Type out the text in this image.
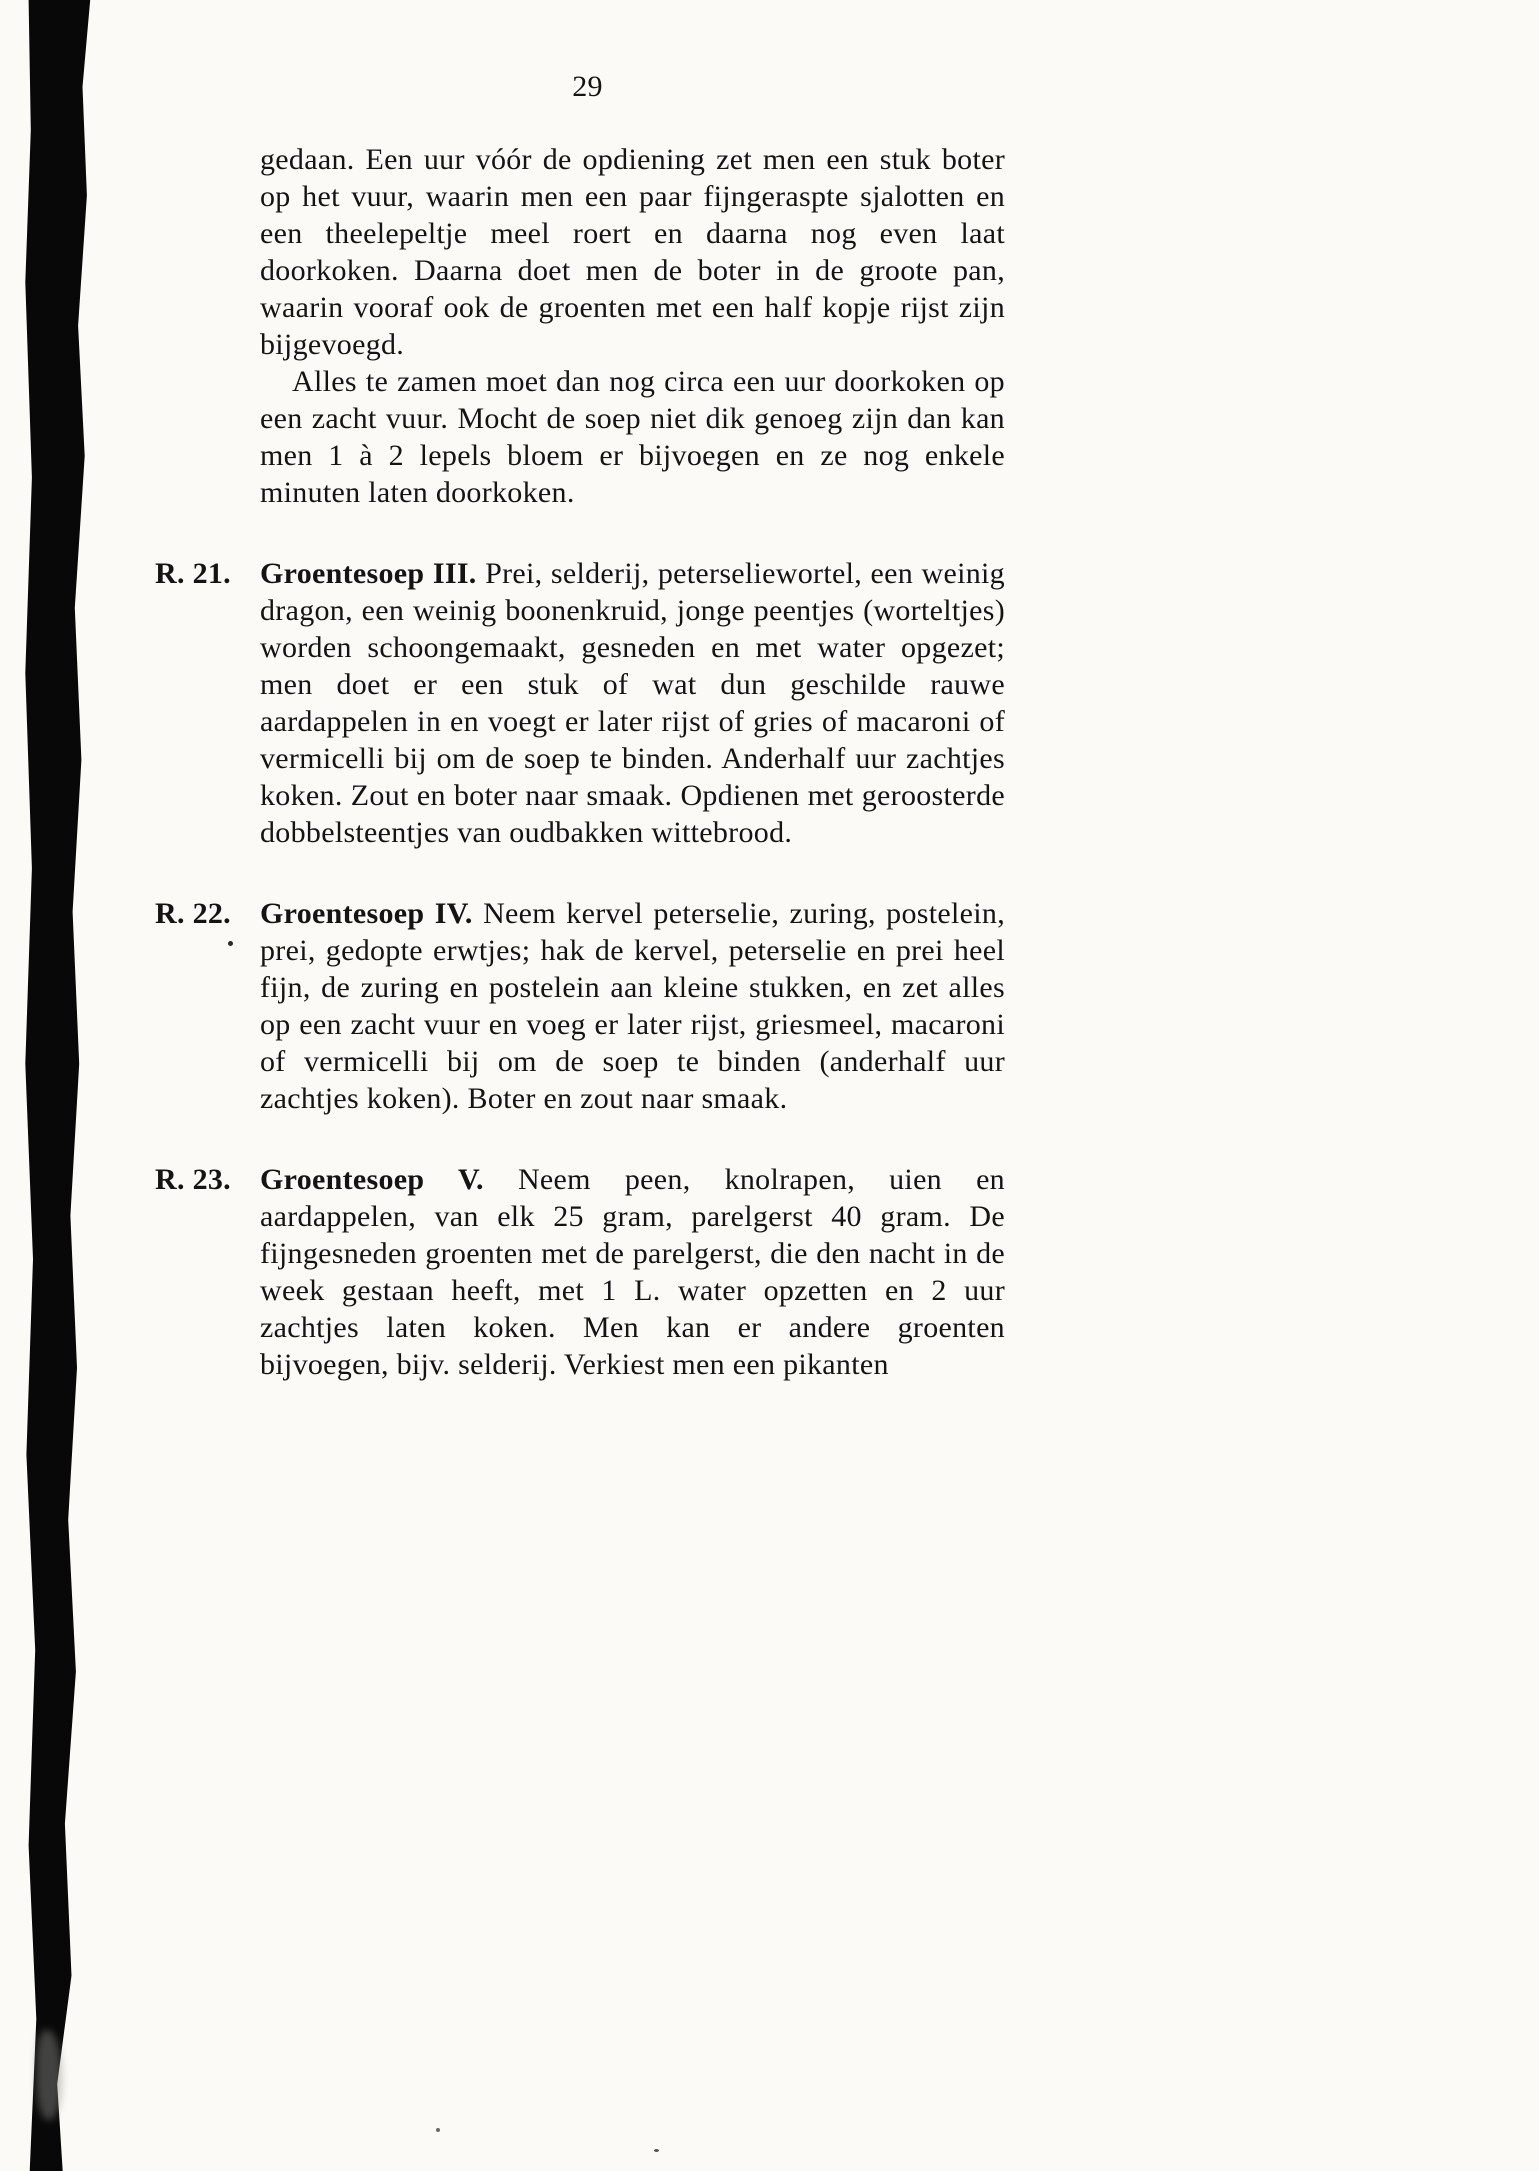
29

gedaan. Een uur vóór de opdiening zet men een stuk boter op het vuur, waarin men een paar fijngeraspte sjalotten en een theelepeltje meel roert en daarna nog even laat doorkoken. Daarna doet men de boter in de groote pan, waarin vooraf ook de groenten met een half kopje rijst zijn bijgevoegd.

Alles te zamen moet dan nog circa een uur doorkoken op een zacht vuur. Mocht de soep niet dik genoeg zijn dan kan men 1 à 2 lepels bloem er bijvoegen en ze nog enkele minuten laten doorkoken.

R. 21. Groentesoep III. Prei, selderij, peterseliewortel, een weinig dragon, een weinig boonenkruid, jonge peentjes (worteltjes) worden schoongemaakt, gesneden en met water opgezet; men doet er een stuk of wat dun geschilde rauwe aardappelen in en voegt er later rijst of gries of macaroni of vermicelli bij om de soep te binden. Anderhalf uur zachtjes koken. Zout en boter naar smaak. Opdienen met geroosterde dobbelsteentjes van oudbakken wittebrood.

R. 22. Groentesoep IV. Neem kervel peterselie, zuring, postelein, prei, gedopte erwtjes; hak de kervel, peterselie en prei heel fijn, de zuring en postelein aan kleine stukken, en zet alles op een zacht vuur en voeg er later rijst, griesmeel, macaroni of vermicelli bij om de soep te binden (anderhalf uur zachtjes koken). Boter en zout naar smaak.

R. 23. Groentesoep V. Neem peen, knolrapen, uien en aardappelen, van elk 25 gram, parelgerst 40 gram. De fijngesneden groenten met de parelgerst, die den nacht in de week gestaan heeft, met 1 L. water opzetten en 2 uur zachtjes laten koken. Men kan er andere groenten bijvoegen, bijv. selderij. Verkiest men een pikanten
